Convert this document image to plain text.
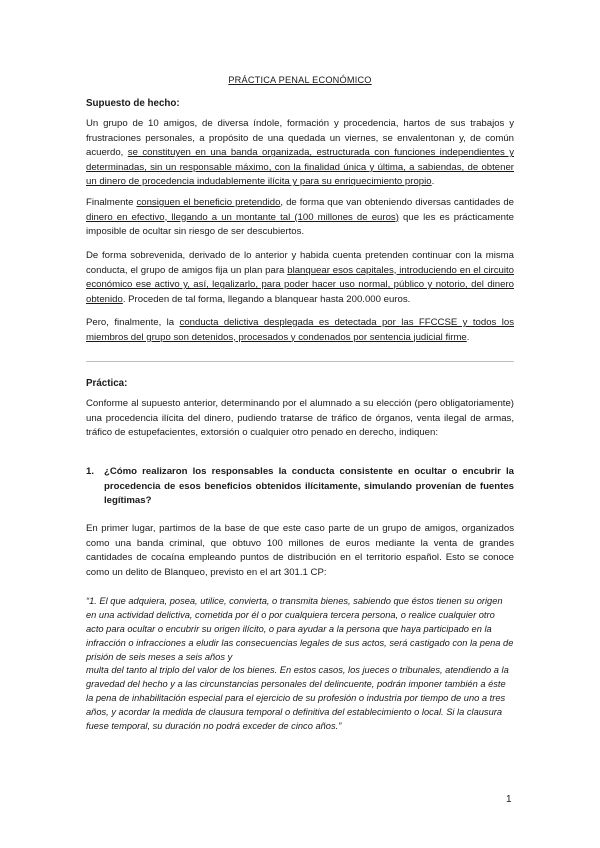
PRÁCTICA PENAL ECONÓMICO
Supuesto de hecho:
Un grupo de 10 amigos, de diversa índole, formación y procedencia, hartos de sus trabajos y frustraciones personales, a propósito de una quedada un viernes, se envalentonan y, de común acuerdo, se constituyen en una banda organizada, estructurada con funciones independientes y determinadas, sin un responsable máximo, con la finalidad única y última, a sabiendas, de obtener un dinero de procedencia indudablemente ilícita y para su enriquecimiento propio.
Finalmente consiguen el beneficio pretendido, de forma que van obteniendo diversas cantidades de dinero en efectivo, llegando a un montante tal (100 millones de euros) que les es prácticamente imposible de ocultar sin riesgo de ser descubiertos.
De forma sobrevenida, derivado de lo anterior y habida cuenta pretenden continuar con la misma conducta, el grupo de amigos fija un plan para blanquear esos capitales, introduciendo en el circuito económico ese activo y, así, legalizarlo, para poder hacer uso normal, público y notorio, del dinero obtenido. Proceden de tal forma, llegando a blanquear hasta 200.000 euros.
Pero, finalmente, la conducta delictiva desplegada es detectada por las FFCCSE y todos los miembros del grupo son detenidos, procesados y condenados por sentencia judicial firme.
Práctica:
Conforme al supuesto anterior, determinando por el alumnado a su elección (pero obligatoriamente) una procedencia ilícita del dinero, pudiendo tratarse de tráfico de órganos, venta ilegal de armas, tráfico de estupefacientes, extorsión o cualquier otro penado en derecho, indiquen:
1. ¿Cómo realizaron los responsables la conducta consistente en ocultar o encubrir la procedencia de esos beneficios obtenidos ilícitamente, simulando provenían de fuentes legítimas?
En primer lugar, partimos de la base de que este caso parte de un grupo de amigos, organizados como una banda criminal, que obtuvo 100 millones de euros mediante la venta de grandes cantidades de cocaína empleando puntos de distribución en el territorio español. Esto se conoce como un delito de Blanqueo, previsto en el art 301.1 CP:
“1. El que adquiera, posea, utilice, convierta, o transmita bienes, sabiendo que éstos tienen su origen en una actividad delictiva, cometida por él o por cualquiera tercera persona, o realice cualquier otro acto para ocultar o encubrir su origen ilícito, o para ayudar a la persona que haya participado en la infracción o infracciones a eludir las consecuencias legales de sus actos, será castigado con la pena de prisión de seis meses a seis años y
multa del tanto al triplo del valor de los bienes. En estos casos, los jueces o tribunales, atendiendo a la gravedad del hecho y a las circunstancias personales del delincuente, podrán imponer también a éste la pena de inhabilitación especial para el ejercicio de su profesión o industria por tiempo de uno a tres años, y acordar la medida de clausura temporal o definitiva del establecimiento o local. Si la clausura fuese temporal, su duración no podrá exceder de cinco años.”
1
